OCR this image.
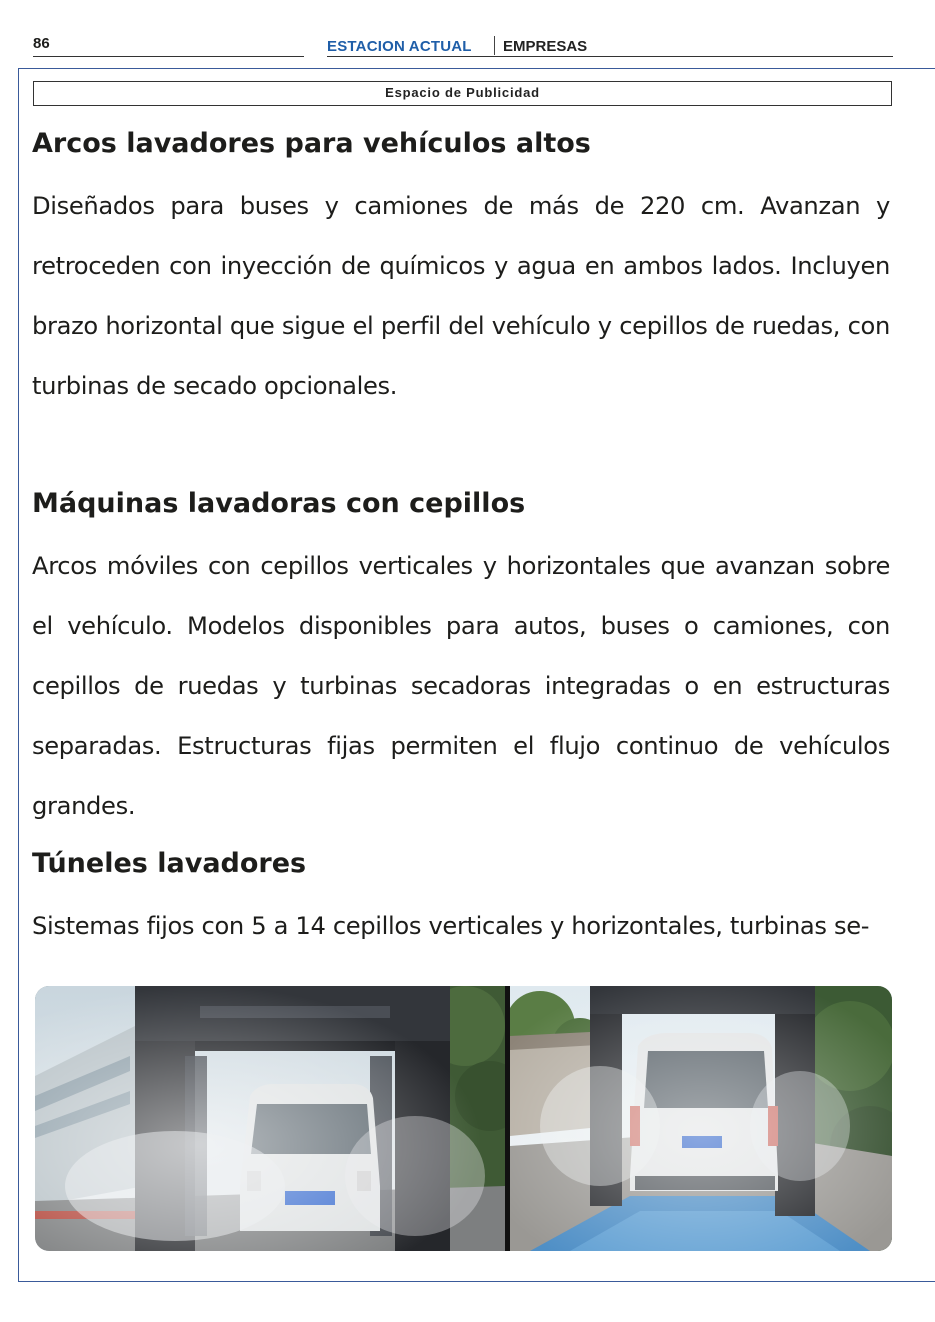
86	ESTACION ACTUAL EMPRESAS
Espacio de Publicidad
Arcos lavadores para vehículos altos

Diseñados para buses y camiones de más de 220 cm. Avanzan y retroceden con inyección de químicos y agua en ambos lados. Incluyen brazo horizontal que sigue el perfil del vehículo y cepillos de ruedas, con turbinas de secado opcionales.

Máquinas lavadoras con cepillos

Arcos móviles con cepillos verticales y horizontales que avanzan sobre el vehículo. Modelos disponibles para autos, buses o camiones, con cepillos de ruedas y turbinas secadoras integradas o en estructuras separadas. Estructuras fijas permiten el flujo continuo de vehículos grandes.

Túneles lavadores

Sistemas fijos con 5 a 14 cepillos verticales y horizontales, turbinas se-
